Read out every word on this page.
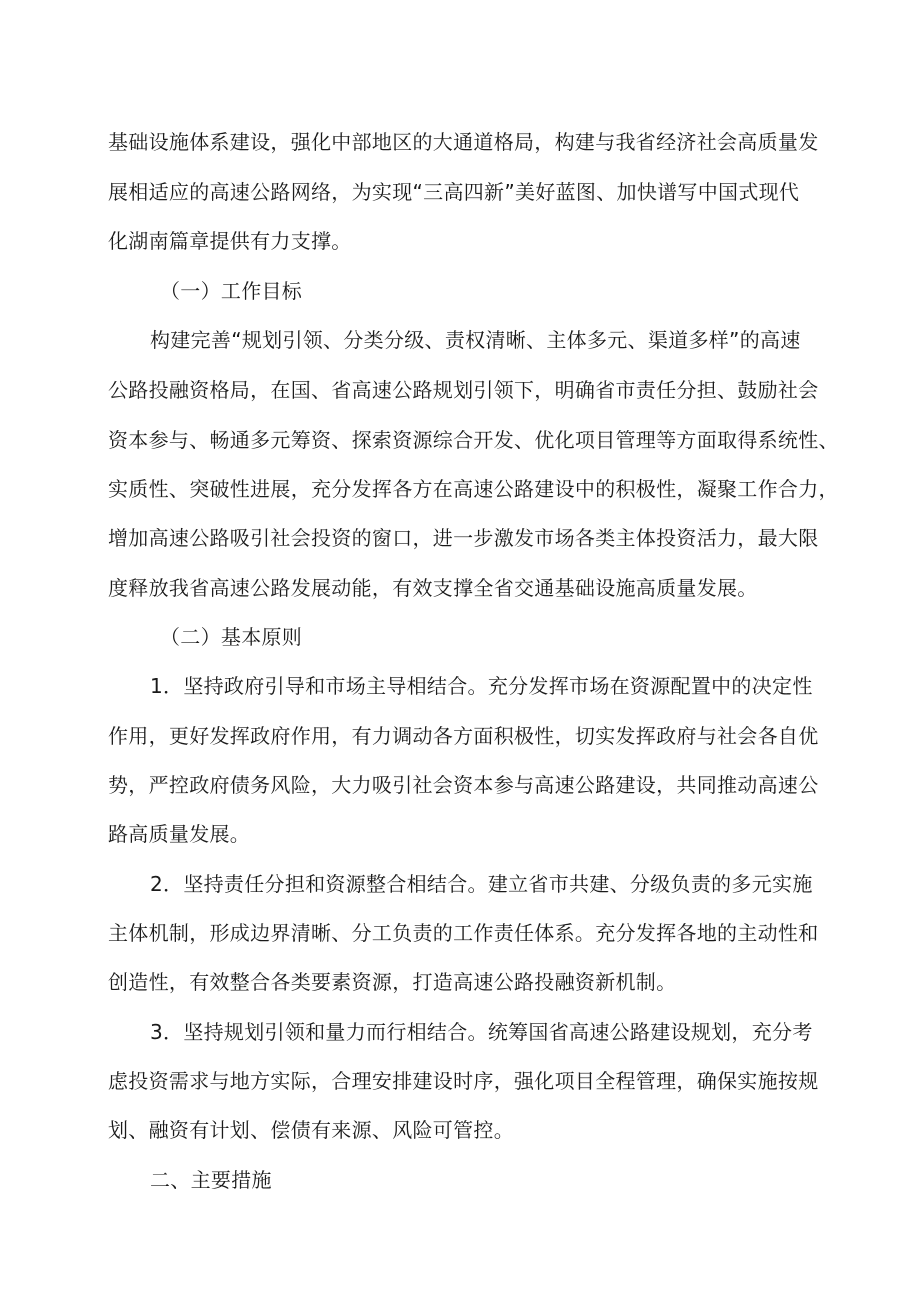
基础设施体系建设，强化中部地区的大通道格局，构建与我省经济社会高质量发
展相适应的高速公路网络，为实现“三高四新”美好蓝图、加快谱写中国式现代
化湖南篇章提供有力支撑。
（一）工作目标
构建完善“规划引领、分类分级、责权清晰、主体多元、渠道多样”的高速
公路投融资格局，在国、省高速公路规划引领下，明确省市责任分担、鼓励社会
资本参与、畅通多元筹资、探索资源综合开发、优化项目管理等方面取得系统性、
实质性、突破性进展，充分发挥各方在高速公路建设中的积极性，凝聚工作合力，
增加高速公路吸引社会投资的窗口，进一步激发市场各类主体投资活力，最大限
度释放我省高速公路发展动能，有效支撑全省交通基础设施高质量发展。
（二）基本原则
1．坚持政府引导和市场主导相结合。充分发挥市场在资源配置中的决定性
作用，更好发挥政府作用，有力调动各方面积极性，切实发挥政府与社会各自优
势，严控政府债务风险，大力吸引社会资本参与高速公路建设，共同推动高速公
路高质量发展。
2．坚持责任分担和资源整合相结合。建立省市共建、分级负责的多元实施
主体机制，形成边界清晰、分工负责的工作责任体系。充分发挥各地的主动性和
创造性，有效整合各类要素资源，打造高速公路投融资新机制。
3．坚持规划引领和量力而行相结合。统筹国省高速公路建设规划，充分考
虑投资需求与地方实际，合理安排建设时序，强化项目全程管理，确保实施按规
划、融资有计划、偿债有来源、风险可管控。
二、主要措施
